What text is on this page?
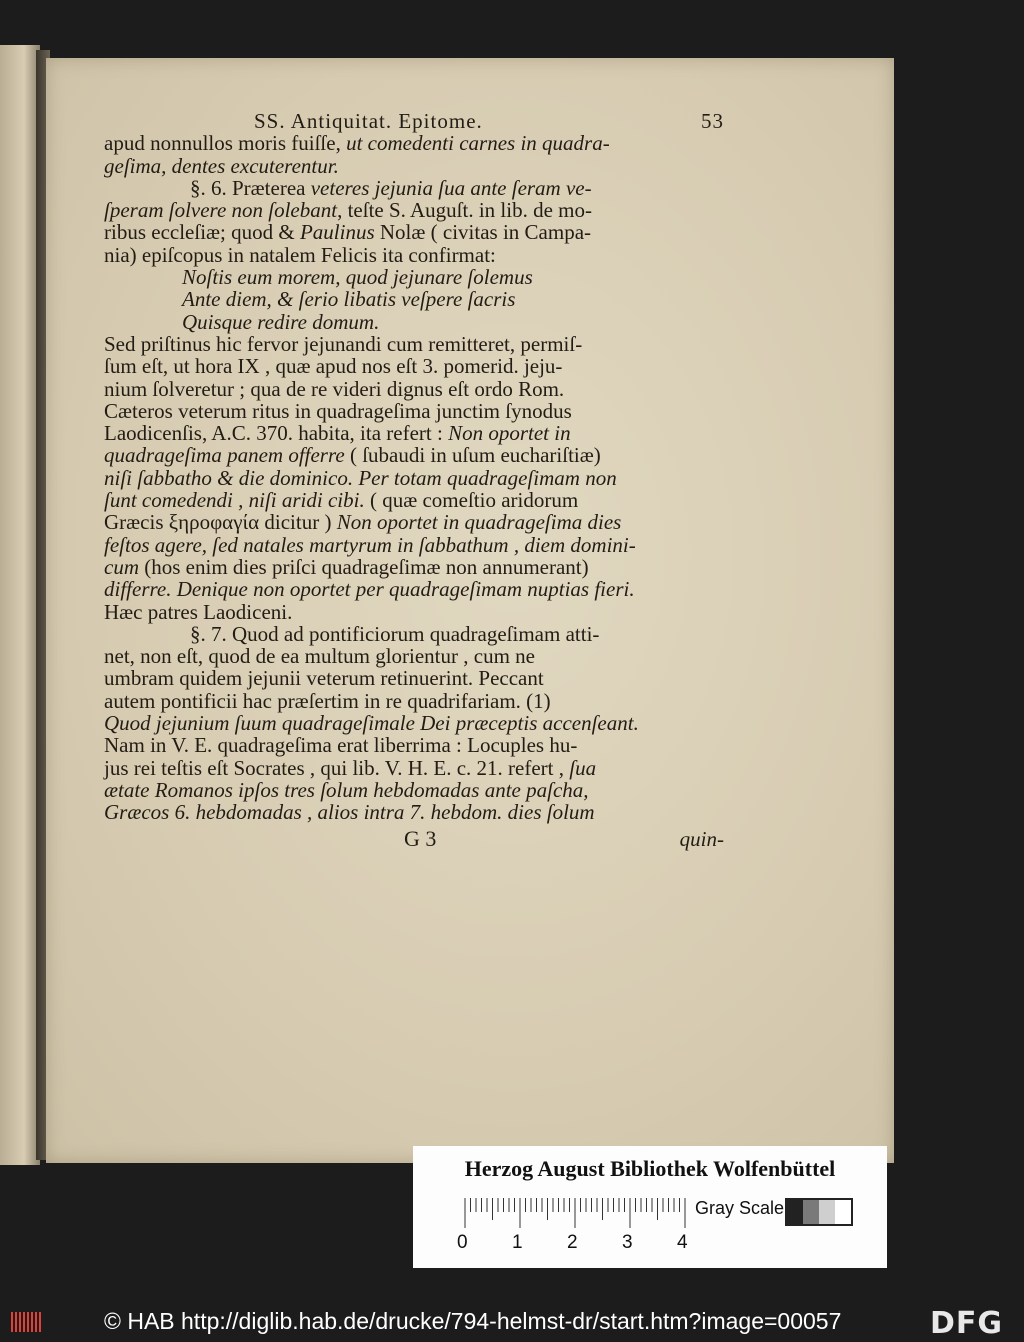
SS. Antiquitat. Epitome.	53
apud nonnullos moris fuiſſe, ut comedenti carnes in quadra-
geſima, dentes excuterentur.
§. 6. Præterea veteres jejunia ſua ante ſeram ve-
ſperam ſolvere non ſolebant, teſte S. Auguſt. in lib. de mo-
ribus eccleſiæ; quod & Paulinus Nolæ ( civitas in Campa-
nia) epiſcopus in natalem Felicis ita confirmat:
Noſtis eum morem, quod jejunare ſolemus
Ante diem, & ſerio libatis veſpere ſacris
Quisque redire domum.
Sed priſtinus hic fervor jejunandi cum remitteret, permiſ-
ſum eſt, ut hora IX , quæ apud nos eſt 3. pomerid. jeju-
nium ſolveretur ; qua de re videri dignus eſt ordo Rom.
Cæteros veterum ritus in quadrageſima junctim ſynodus
Laodicenſis, A.C. 370. habita, ita refert : Non oportet in
quadrageſima panem offerre ( ſubaudi in uſum euchariſtiæ)
niſi ſabbatho & die dominico. Per totam quadrageſimam non
ſunt comedendi , niſi aridi cibi. ( quæ comeſtio aridorum
Græcis ξηροφαγία dicitur ) Non oportet in quadrageſima dies
feſtos agere, ſed natales martyrum in ſabbathum , diem domini-
cum (hos enim dies priſci quadrageſimæ non annumerant)
differre. Denique non oportet per quadrageſimam nuptias fieri.
Hæc patres Laodiceni.
§. 7. Quod ad pontificiorum quadrageſimam atti-
net, non eſt, quod de ea multum glorientur , cum ne
umbram quidem jejunii veterum retinuerint. Peccant
autem pontificii hac præſertim in re quadrifariam. (1)
Quod jejunium ſuum quadrageſimale Dei præceptis accenſeant.
Nam in V. E. quadrageſima erat liberrima : Locuples hu-
jus rei teſtis eſt Socrates , qui lib. V. H. E. c. 21. refert , ſua
ætate Romanos ipſos tres ſolum hebdomadas ante paſcha,
Græcos 6. hebdomadas , alios intra 7. hebdom. dies ſolum
G 3	quin-
Herzog August Bibliothek Wolfenbüttel
0 1 2 3 4
Gray Scale
© HAB http://diglib.hab.de/drucke/794-helmst-dr/start.htm?image=00057	DFG
